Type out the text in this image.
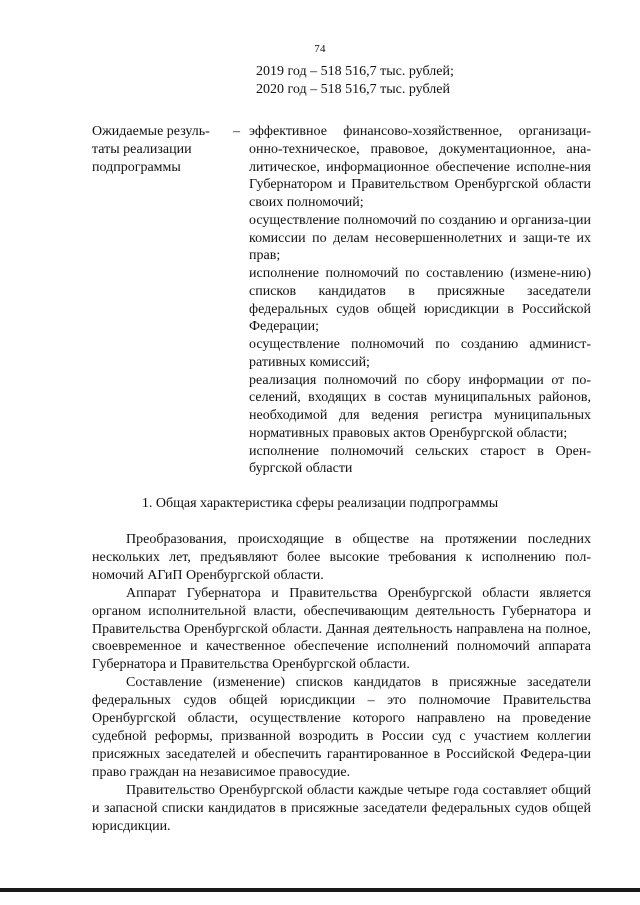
74
2019 год – 518 516,7 тыс. рублей;
2020 год – 518 516,7 тыс. рублей
Ожидаемые резуль-таты реализации подпрограммы
– эффективное финансово-хозяйственное, организаци-онно-техническое, правовое, документационное, ана-литическое, информационное обеспечение исполне-ния Губернатором и Правительством Оренбургской области своих полномочий;

осуществление полномочий по созданию и организа-ции комиссии по делам несовершеннолетних и защи-те их прав;

исполнение полномочий по составлению (измене-нию) списков кандидатов в присяжные заседатели федеральных судов общей юрисдикции в Российской Федерации;

осуществление полномочий по созданию админист-ративных комиссий;

реализация полномочий по сбору информации от по-селений, входящих в состав муниципальных районов, необходимой для ведения регистра муниципальных нормативных правовых актов Оренбургской области;

исполнение полномочий сельских старост в Орен-бургской области

1. Общая характеристика сферы реализации подпрограммы

Преобразования, происходящие в обществе на протяжении последних нескольких лет, предъявляют более высокие требования к исполнению пол-номочий АГиП Оренбургской области.

Аппарат Губернатора и Правительства Оренбургской области является органом исполнительной власти, обеспечивающим деятельность Губернатора и Правительства Оренбургской области. Данная деятельность направлена на полное, своевременное и качественное обеспечение исполнений полномочий аппарата Губернатора и Правительства Оренбургской области.

Составление (изменение) списков кандидатов в присяжные заседатели федеральных судов общей юрисдикции – это полномочие Правительства Оренбургской области, осуществление которого направлено на проведение судебной реформы, призванной возродить в России суд с участием коллегии присяжных заседателей и обеспечить гарантированное в Российской Федера-ции право граждан на независимое правосудие.

Правительство Оренбургской области каждые четыре года составляет общий и запасной списки кандидатов в присяжные заседатели федеральных судов общей юрисдикции.
